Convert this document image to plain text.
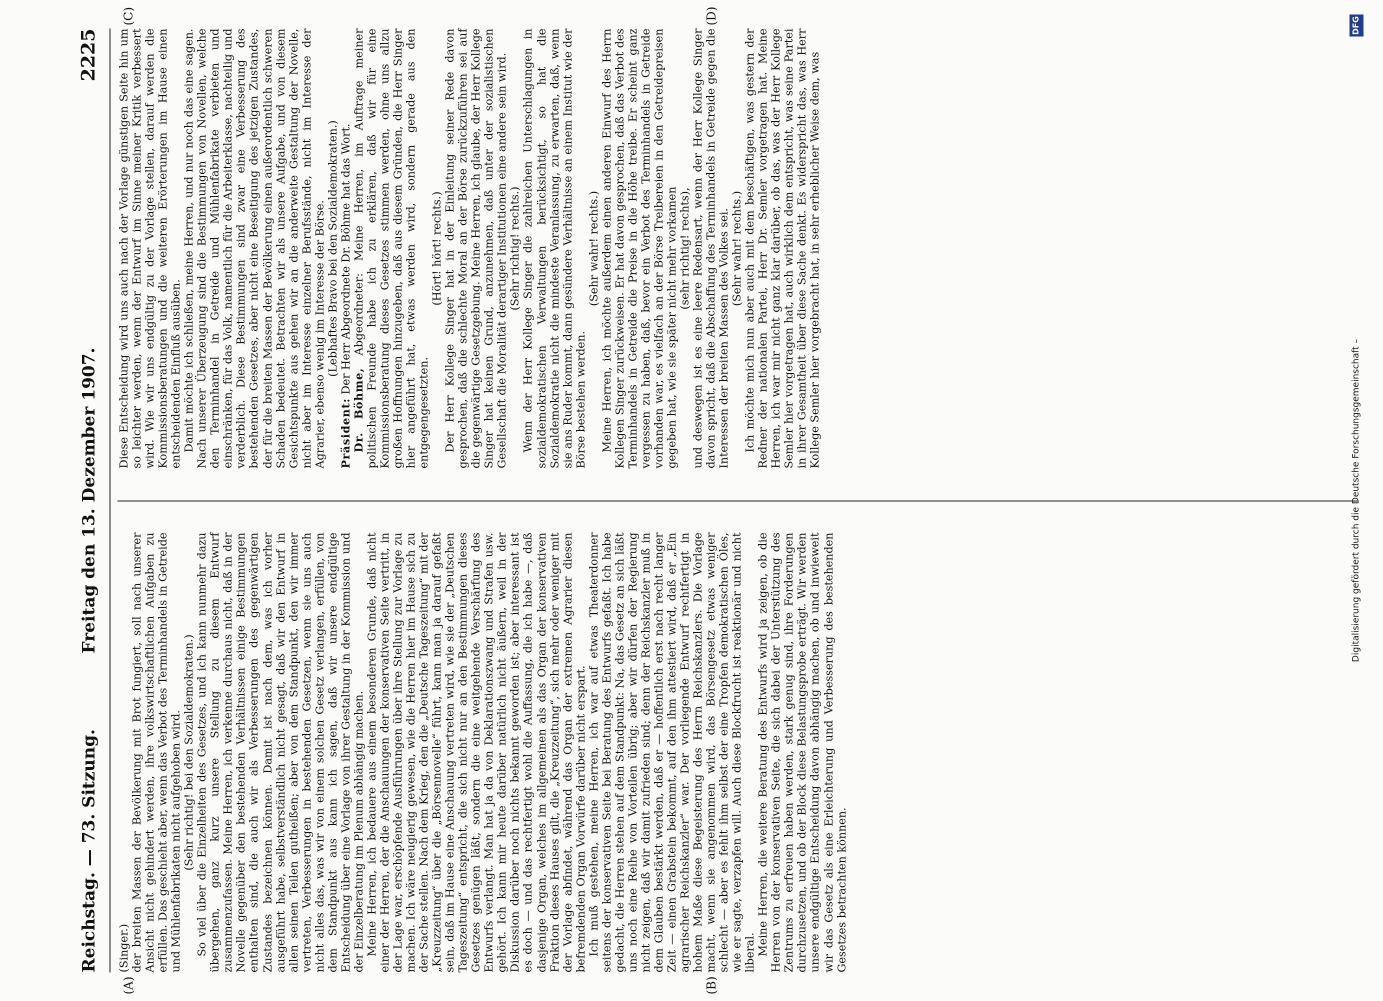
Reichstag. — 73. Sitzung.
Freitag den 13. Dezember 1907.
2225
(A)	(B)
(C)	(D)

(Singer.) der breiten Massen der Bevölkerung mit Brot fungiert, soll nach unserer Ansicht nicht gehindert werden, ihre volkswirtschaftlichen Aufgaben zu erfüllen. Das geschieht aber, wenn das Verbot des Terminhandels in Getreide und Mühlenfabrikaten nicht aufgehoben wird. (Sehr richtig! bei den Sozialdemokraten.) So viel über die Einzelheiten des Gesetzes, und ich kann nunmehr dazu übergehen, ganz kurz unsere Stellung zu diesem Entwurf zusammenzufassen. Meine Herren, ich verkenne durchaus nicht, daß in der Novelle gegenüber den bestehenden Verhältnissen einige Bestimmungen enthalten sind, die auch wir als Verbesserungen des gegenwärtigen Zustandes bezeichnen können. Damit ist nach dem, was ich vorher ausgeführt habe, selbstverständlich nicht gesagt, daß wir den Entwurf in allen seinen Teilen gutheißen; aber von dem Standpunkt, den wir immer vertreten, Verbesserungen in bestehenden Gesetzen, wenn sie uns auch nicht alles das, was wir von einem solchen Gesetz verlangen, erfüllen, von dem Standpunkt aus kann ich sagen, daß wir unsere endgültige Entscheidung über eine Vorlage von ihrer Gestaltung in der Kommission und der Einzelberatung im Plenum abhängig machen. Meine Herren, ich bedauere aus einem besonderen Grunde, daß nicht einer der Herren, der die Anschauungen der konservativen Seite vertritt, in der Lage war, erschöpfende Ausführungen über ihre Stellung zur Vorlage zu machen. Ich wäre neugierig gewesen, wie die Herren hier im Hause sich zu der Sache stellen. Nach dem Krieg, den die „Deutsche Tageszeitung“ mit der „Kreuzzeitung“ über die „Börsennovelle“ führt, kann man ja darauf gefaßt sein, daß im Hause eine Anschauung vertreten wird, wie sie der „Deutschen Tageszeitung“ entspricht, die sich nicht nur an den Bestimmungen dieses Gesetzes genügen läßt, sondern die eine weitgehende Verschärfung des Entwurfs verlangt. Man hat ja da von Deklarationszwang und Strafen usw. gehört. Ich kann mir heute darüber natürlich nicht äußern, weil in der Diskussion darüber noch nichts bekannt geworden ist; aber interessant ist es doch — und das rechtfertigt wohl die Auffassung, die ich habe —, daß dasjenige Organ, welches im allgemeinen als das Organ der konservativen Fraktion dieses Hauses gilt, die „Kreuzzeitung“, sich mehr oder weniger mit der Vorlage abfindet, während das Organ der extremen Agrarier diesen befremdenden Organ Vorwürfe darüber nicht erspart. Ich muß gestehen, meine Herren, ich war auf etwas Theaterdonner seitens der konservativen Seite bei Beratung des Entwurfs gefaßt. Ich habe gedacht, die Herren stehen auf dem Standpunkt: Na, das Gesetz an sich läßt uns noch eine Reihe von Vorteilen übrig; aber wir dürfen der Regierung nicht zeigen, daß wir damit zufrieden sind; denn der Reichskanzler muß in dem Glauben bestärkt werden, daß er — hoffentlich erst nach recht langer Zeit — einen Grabstein bekommt, auf den ihm attestiert wird, daß er „Ein agrarischer Reichskanzler“ war. Der vorliegende Entwurf rechtfertigt in hohem Maße diese Begeisterung des Herrn Reichskanzlers. Die Vorlage macht, wenn sie angenommen wird, das Börsengesetz etwas weniger schlecht — aber es fehlt ihm selbst der eine Tropfen demokratischen Öles, wie er sagte, verzapfen will. Auch diese Blockfrucht ist reaktionär und nicht liberal. Meine Herren, die weitere Beratung des Entwurfs wird ja zeigen, ob die Herren von der konservativen Seite, die sich dabei der Unterstützung des Zentrums zu erfreuen haben werden, stark genug sind, ihre Forderungen durchzusetzen, und ob der Block diese Belastungsprobe erträgt. Wir werden unsere endgültige Entscheidung davon abhängig machen, ob und inwieweit wir das Gesetz als eine Erleichterung und Verbesserung des bestehenden Gesetzes betrachten können.

Diese Entscheidung wird uns auch nach der Vorlage günstigen Seite hin um so leichter werden, wenn der Entwurf im Sinne meiner Kritik verbessert wird. Wie wir uns endgültig zu der Vorlage stellen, darauf werden die Kommissionsberatungen und die weiteren Erörterungen im Hause einen entscheidenden Einfluß ausüben. Damit möchte ich schließen, meine Herren, und nur noch das eine sagen. Nach unserer Überzeugung sind die Bestimmungen von Novellen, welche den Terminhandel in Getreide und Mühlenfabrikate verbieten und einschränken, für das Volk, namentlich für die Arbeiterklasse, nachteilig und verderblich. Diese Bestimmungen sind zwar eine Verbesserung des bestehenden Gesetzes, aber nicht eine Beseitigung des jetzigen Zustandes, der für die breiten Massen der Bevölkerung einen außerordentlich schweren Schaden bedeutet. Betrachten wir als unsere Aufgabe, und von diesem Gesichtspunkte aus gehen wir an die anderweite Gestaltung der Novelle, nicht aber im Interesse einzelner Berufsstände, nicht im Interesse der Agrarier, ebenso wenig im Interesse der Börse. (Lebhaftes Bravo bei den Sozialdemokraten.)

Präsident: Der Herr Abgeordnete Dr. Böhme hat das Wort.

Dr. Böhme, Abgeordneter: Meine Herren, im Auftrage meiner politischen Freunde habe ich zu erklären, daß wir für eine Kommissionsberatung dieses Gesetzes stimmen werden, ohne uns allzu großen Hoffnungen hinzugeben, daß aus diesem Gründen, die Herr Singer hier angeführt hat, etwas werden wird, sondern gerade aus den entgegengesetzten.

(Hört! hört! rechts.) Der Herr Kollege Singer hat in der Einleitung seiner Rede davon gesprochen, daß die schlechte Moral an der Börse zurückzuführen sei auf die gegenwärtige Gesetzgebung. Meine Herren, ich glaube, der Herr Kollege Singer hat keinen Grund, anzunehmen, daß unter der sozialistischen Gesellschaft die Moralität derartiger Institutionen eine andere sein wird. (Sehr richtig! rechts.) Wenn der Herr Kollege Singer die zahlreichen Unterschlagungen in sozialdemokratischen Verwaltungen berücksichtigt, so hat die Sozialdemokratie nicht die mindeste Veranlassung, zu erwarten, daß, wenn sie ans Ruder kommt, dann gesündere Verhältnisse an einem Institut wie der Börse bestehen werden.

(Sehr wahr! rechts.) Meine Herren, ich möchte außerdem einen anderen Einwurf des Herrn Kollegen Singer zurückweisen. Er hat davon gesprochen, daß das Verbot des Terminhandels in Getreide die Preise in die Höhe treibe. Er scheint ganz vergessen zu haben, daß, bevor ein Verbot des Terminhandels in Getreide vorhanden war, es vielfach an der Börse Treibereien in den Getreidepreisen gegeben hat, wie sie später nicht mehr vorkamen (sehr richtig! rechts), und deswegen ist es eine leere Redensart, wenn der Herr Kollege Singer davon spricht, daß die Abschaffung des Terminhandels in Getreide gegen die Interessen der breiten Massen des Volkes sei. (Sehr wahr! rechts.) Ich möchte mich nun aber auch mit dem beschäftigen, was gestern der Redner der nationalen Partei, Herr Dr. Semler vorgetragen hat. Meine Herren, ich war mir nicht ganz klar darüber, ob das, was der Herr Kollege Semler hier vorgetragen hat, auch wirklich dem entspricht, was seine Partei in ihrer Gesamtheit über diese Sache denkt. Es widerspricht das, was Herr Kollege Semler hier vorgebracht hat, in sehr erheblicher Weise dem, was

Digitalisierung gefördert durch die Deutsche Forschungsgemeinschaft –
DFG
